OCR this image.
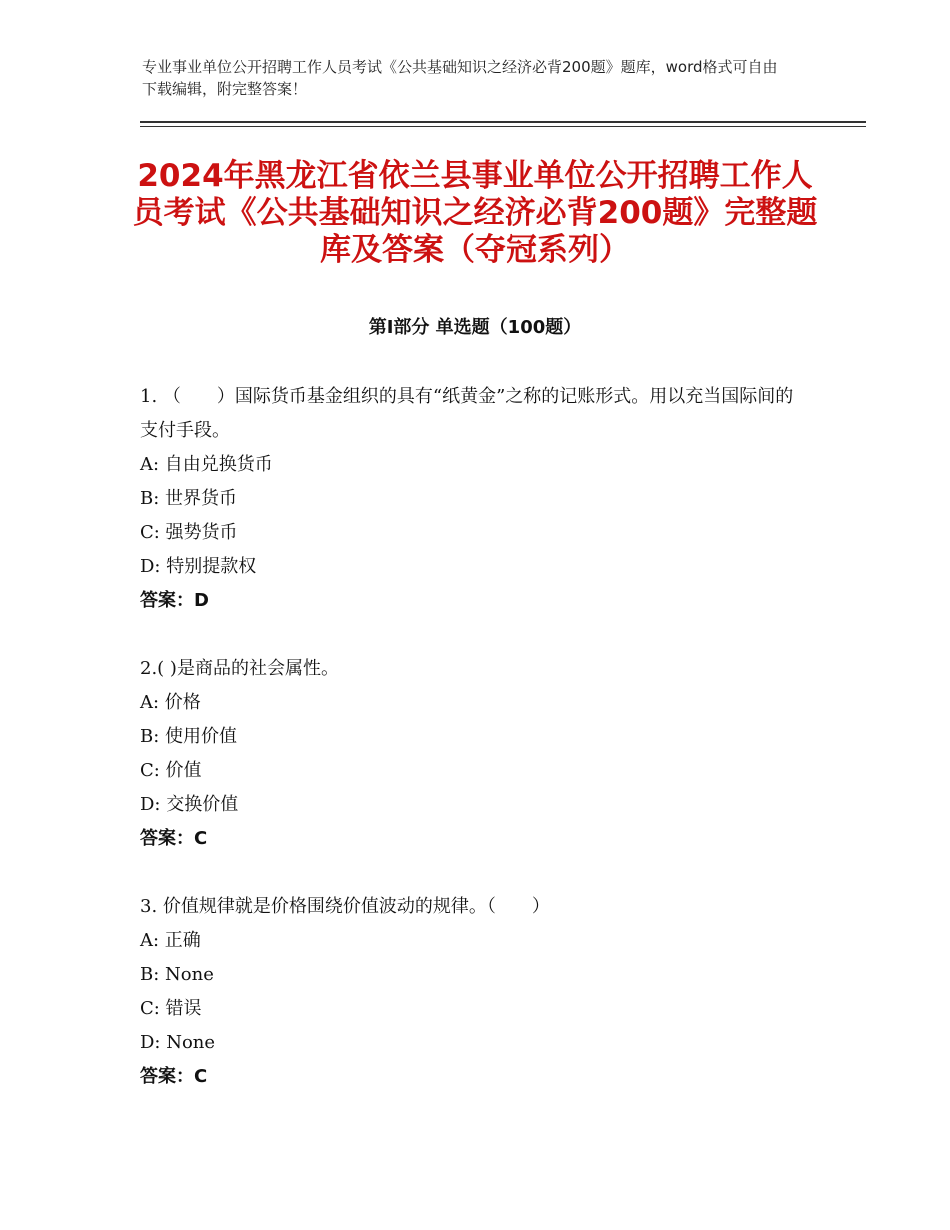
专业事业单位公开招聘工作人员考试《公共基础知识之经济必背200题》题库，word格式可自由下载编辑，附完整答案！
2024年黑龙江省依兰县事业单位公开招聘工作人员考试《公共基础知识之经济必背200题》完整题库及答案（夺冠系列）
第Ⅰ部分 单选题（100题）

1. （　　）国际货币基金组织的具有“纸黄金”之称的记账形式。用以充当国际间的支付手段。

A: 自由兑换货币

B: 世界货币

C: 强势货币

D: 特别提款权

答案：D

2.( )是商品的社会属性。

A: 价格

B: 使用价值

C: 价值

D: 交换价值

答案：C

3. 价值规律就是价格围绕价值波动的规律。（　　）

A: 正确

B: None

C: 错误

D: None

答案：C
